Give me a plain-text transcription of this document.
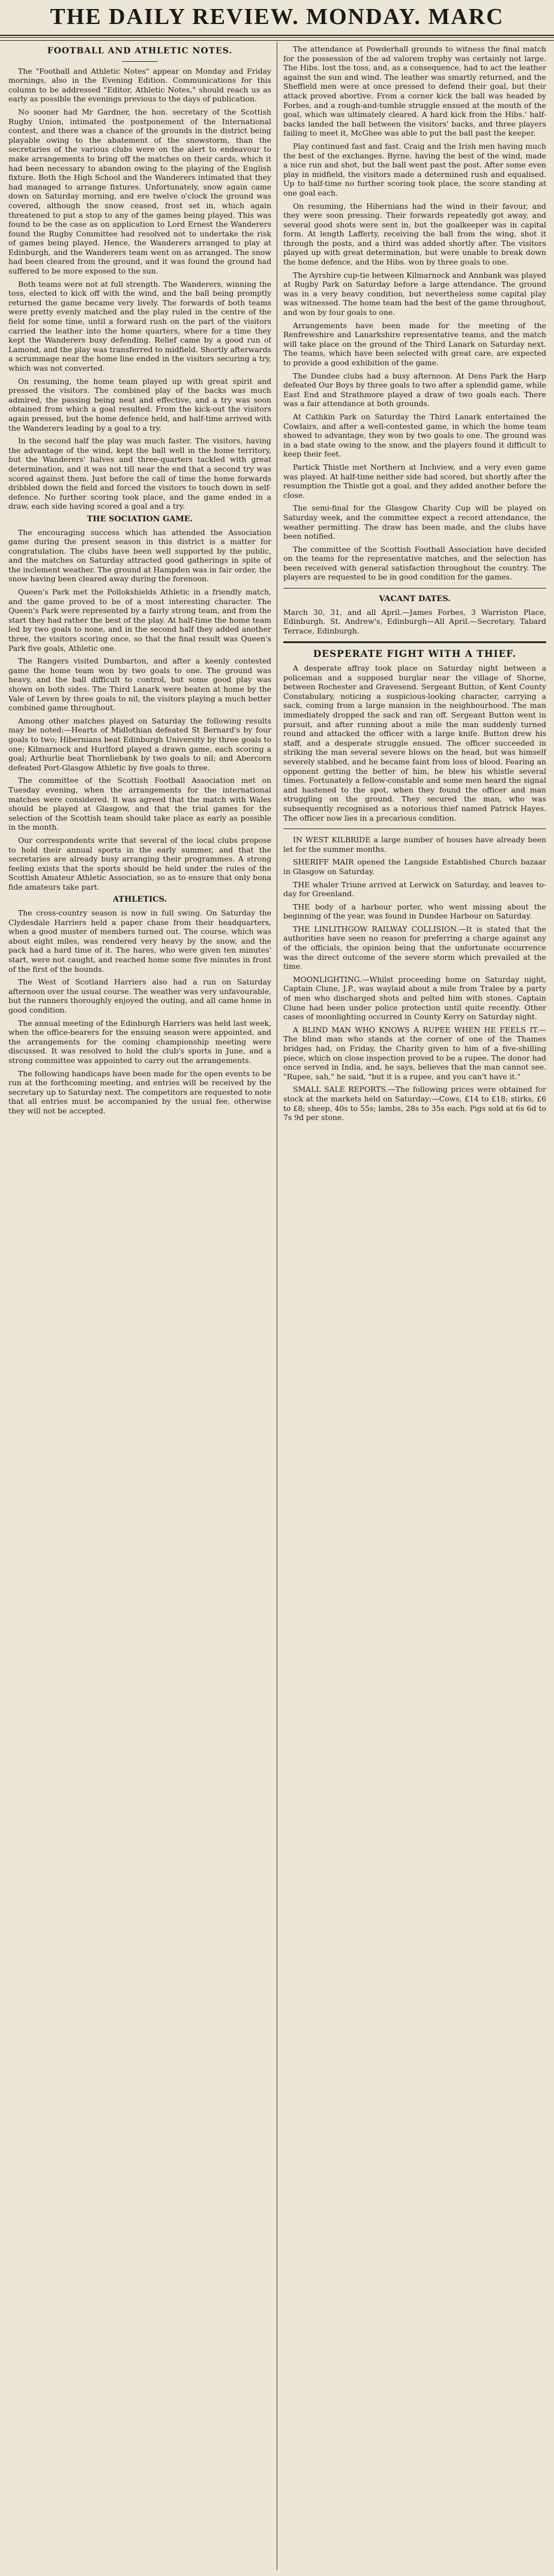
THE DAILY REVIEW. MONDAY. MARC
FOOTBALL AND ATHLETIC NOTES.

The "Football and Athletic Notes" appear on Monday and Friday mornings, also in the Evening Edition. Communications for this column to be addressed "Editor, Athletic Notes," should reach us as early as possible the evenings previous to the days of publication.

No sooner had Mr Gardner, the hon. secretary of the Scottish Rugby Union, intimated the postponement of the International contest, and there was a chance of the grounds in the district being playable owing to the abatement of the snowstorm, than the secretaries of the various clubs were on the alert to endeavour to make arrangements to bring off the matches on their cards, which it had been necessary to abandon owing to the playing of the English fixture. Both the High School and the Wanderers intimated that they had managed to arrange fixtures. Unfortunately, snow again came down on Saturday morning, and ere twelve o'clock the ground was covered, although the snow ceased, frost set in, which again threatened to put a stop to any of the games being played. This was found to be the case as on application to Lord Ernest the Wanderers found the Rugby Committee had resolved not to undertake the risk of games being played. Hence, the Wanderers arranged to play at Edinburgh, and the Wanderers team went on as arranged. The snow had been cleared from the ground, and it was found the ground had suffered to be more exposed to the sun.

Both teams were not at full strength. The Wanderers, winning the toss, elected to kick off with the wind, and the ball being promptly returned the game became very lively. The forwards of both teams were pretty evenly matched and the play ruled in the centre of the field for some time, until a forward rush on the part of the visitors carried the leather into the home quarters, where for a time they kept the Wanderers busy defending. Relief came by a good run of Lamond, and the play was transferred to midfield. Shortly afterwards a scrummage near the home line ended in the visitors securing a try, which was not converted.

On resuming, the home team played up with great spirit and pressed the visitors. The combined play of the backs was much admired, the passing being neat and effective, and a try was soon obtained from which a goal resulted. From the kick-out the visitors again pressed, but the home defence held, and half-time arrived with the Wanderers leading by a goal to a try.

In the second half the play was much faster. The visitors, having the advantage of the wind, kept the ball well in the home territory, but the Wanderers' halves and three-quarters tackled with great determination, and it was not till near the end that a second try was scored against them. Just before the call of time the home forwards dribbled down the field and forced the visitors to touch down in self-defence. No further scoring took place, and the game ended in a draw, each side having scored a goal and a try.

THE SOCIATION GAME.

The encouraging success which has attended the Association game during the present season in this district is a matter for congratulation. The clubs have been well supported by the public, and the matches on Saturday attracted good gatherings in spite of the inclement weather. The ground at Hampden was in fair order, the snow having been cleared away during the forenoon.

Queen's Park met the Pollokshields Athletic in a friendly match, and the game proved to be of a most interesting character. The Queen's Park were represented by a fairly strong team, and from the start they had rather the best of the play. At half-time the home team led by two goals to none, and in the second half they added another three, the visitors scoring once, so that the final result was Queen's Park five goals, Athletic one.

The Rangers visited Dumbarton, and after a keenly contested game the home team won by two goals to one. The ground was heavy, and the ball difficult to control, but some good play was shown on both sides. The Third Lanark were beaten at home by the Vale of Leven by three goals to nil, the visitors playing a much better combined game throughout.

Among other matches played on Saturday the following results may be noted:—Hearts of Midlothian defeated St Bernard's by four goals to two; Hibernians beat Edinburgh University by three goals to one; Kilmarnock and Hurlford played a drawn game, each scoring a goal; Arthurlie beat Thornliebank by two goals to nil; and Abercorn defeated Port-Glasgow Athletic by five goals to three.

The committee of the Scottish Football Association met on Tuesday evening, when the arrangements for the international matches were considered. It was agreed that the match with Wales should be played at Glasgow, and that the trial games for the selection of the Scottish team should take place as early as possible in the month.

Our correspondents write that several of the local clubs propose to hold their annual sports in the early summer, and that the secretaries are already busy arranging their programmes. A strong feeling exists that the sports should be held under the rules of the Scottish Amateur Athletic Association, so as to ensure that only bona fide amateurs take part.

ATHLETICS.

The cross-country season is now in full swing. On Saturday the Clydesdale Harriers held a paper chase from their headquarters, when a good muster of members turned out. The course, which was about eight miles, was rendered very heavy by the snow, and the pack had a hard time of it. The hares, who were given ten minutes' start, were not caught, and reached home some five minutes in front of the first of the hounds.

The West of Scotland Harriers also had a run on Saturday afternoon over the usual course. The weather was very unfavourable, but the runners thoroughly enjoyed the outing, and all came home in good condition.

The annual meeting of the Edinburgh Harriers was held last week, when the office-bearers for the ensuing season were appointed, and the arrangements for the coming championship meeting were discussed. It was resolved to hold the club's sports in June, and a strong committee was appointed to carry out the arrangements.

The following handicaps have been made for the open events to be run at the forthcoming meeting, and entries will be received by the secretary up to Saturday next. The competitors are requested to note that all entries must be accompanied by the usual fee, otherwise they will not be accepted.

The attendance at Powderhall grounds to witness the final match for the possession of the ad valorem trophy was certainly not large. The Hibs. lost the toss, and, as a consequence, had to act the leather against the sun and wind. The leather was smartly returned, and the Sheffield men were at once pressed to defend their goal, but their attack proved abortive. From a corner kick the ball was headed by Forbes, and a rough-and-tumble struggle ensued at the mouth of the goal, which was ultimately cleared. A hard kick from the Hibs.' half-backs landed the ball between the visitors' backs, and three players failing to meet it, McGhee was able to put the ball past the keeper.

Play continued fast and fast. Craig and the Irish men having much the best of the exchanges. Byrne, having the best of the wind, made a nice run and shot, but the ball went past the post. After some even play in midfield, the visitors made a determined rush and equalised. Up to half-time no further scoring took place, the score standing at one goal each.

On resuming, the Hibernians had the wind in their favour, and they were soon pressing. Their forwards repeatedly got away, and several good shots were sent in, but the goalkeeper was in capital form. At length Lafferty, receiving the ball from the wing, shot it through the posts, and a third was added shortly after. The visitors played up with great determination, but were unable to break down the home defence, and the Hibs. won by three goals to one.

The Ayrshire cup-tie between Kilmarnock and Annbank was played at Rugby Park on Saturday before a large attendance. The ground was in a very heavy condition, but nevertheless some capital play was witnessed. The home team had the best of the game throughout, and won by four goals to one.

Arrangements have been made for the meeting of the Renfrewshire and Lanarkshire representative teams, and the match will take place on the ground of the Third Lanark on Saturday next. The teams, which have been selected with great care, are expected to provide a good exhibition of the game.

The Dundee clubs had a busy afternoon. At Dens Park the Harp defeated Our Boys by three goals to two after a splendid game, while East End and Strathmore played a draw of two goals each. There was a fair attendance at both grounds.

At Cathkin Park on Saturday the Third Lanark entertained the Cowlairs, and after a well-contested game, in which the home team showed to advantage, they won by two goals to one. The ground was in a bad state owing to the snow, and the players found it difficult to keep their feet.

Partick Thistle met Northern at Inchview, and a very even game was played. At half-time neither side had scored, but shortly after the resumption the Thistle got a goal, and they added another before the close.

The semi-final for the Glasgow Charity Cup will be played on Saturday week, and the committee expect a record attendance, the weather permitting. The draw has been made, and the clubs have been notified.

The committee of the Scottish Football Association have decided on the teams for the representative matches, and the selection has been received with general satisfaction throughout the country. The players are requested to be in good condition for the games.

VACANT DATES.

March 30, 31, and all April.—James Forbes, 3 Warriston Place, Edinburgh. St. Andrew's, Edinburgh—All April.—Secretary, Tabard Terrace, Edinburgh.

DESPERATE FIGHT WITH A THIEF.

A desperate affray took place on Saturday night between a policeman and a supposed burglar near the village of Shorne, between Rochester and Gravesend. Sergeant Button, of Kent County Constabulary, noticing a suspicious-looking character, carrying a sack, coming from a large mansion in the neighbourhood. The man immediately dropped the sack and ran off. Sergeant Button went in pursuit, and after running about a mile the man suddenly turned round and attacked the officer with a large knife. Button drew his staff, and a desperate struggle ensued. The officer succeeded in striking the man several severe blows on the head, but was himself severely stabbed, and he became faint from loss of blood. Fearing an opponent getting the better of him, he blew his whistle several times. Fortunately a fellow-constable and some men heard the signal and hastened to the spot, when they found the officer and man struggling on the ground. They secured the man, who was subsequently recognised as a notorious thief named Patrick Hayes. The officer now lies in a precarious condition.

IN WEST KILBRIDE a large number of houses have already been let for the summer months.

SHERIFF MAIR opened the Langside Established Church bazaar in Glasgow on Saturday.

THE whaler Triune arrived at Lerwick on Saturday, and leaves to-day for Greenland.

THE body of a harbour porter, who went missing about the beginning of the year, was found in Dundee Harbour on Saturday.

THE LINLITHGOW RAILWAY COLLISION.—It is stated that the authorities have seen no reason for preferring a charge against any of the officials, the opinion being that the unfortunate occurrence was the direct outcome of the severe storm which prevailed at the time.

MOONLIGHTING.—Whilst proceeding home on Saturday night, Captain Clune, J.P., was waylaid about a mile from Tralee by a party of men who discharged shots and pelted him with stones. Captain Clune had been under police protection until quite recently. Other cases of moonlighting occurred in County Kerry on Saturday night.

A BLIND MAN WHO KNOWS A RUPEE WHEN HE FEELS IT.—The blind man who stands at the corner of one of the Thames bridges had, on Friday, the Charity given to him of a five-shilling piece, which on close inspection proved to be a rupee. The donor had once served in India, and, he says, believes that the man cannot see. "Rupee, sah," he said, "but it is a rupee, and you can't have it."

SMALL SALE REPORTS.—The following prices were obtained for stock at the markets held on Saturday:—Cows, £14 to £18; stirks, £6 to £8; sheep, 40s to 55s; lambs, 28s to 35s each. Pigs sold at 6s 6d to 7s 9d per stone.
